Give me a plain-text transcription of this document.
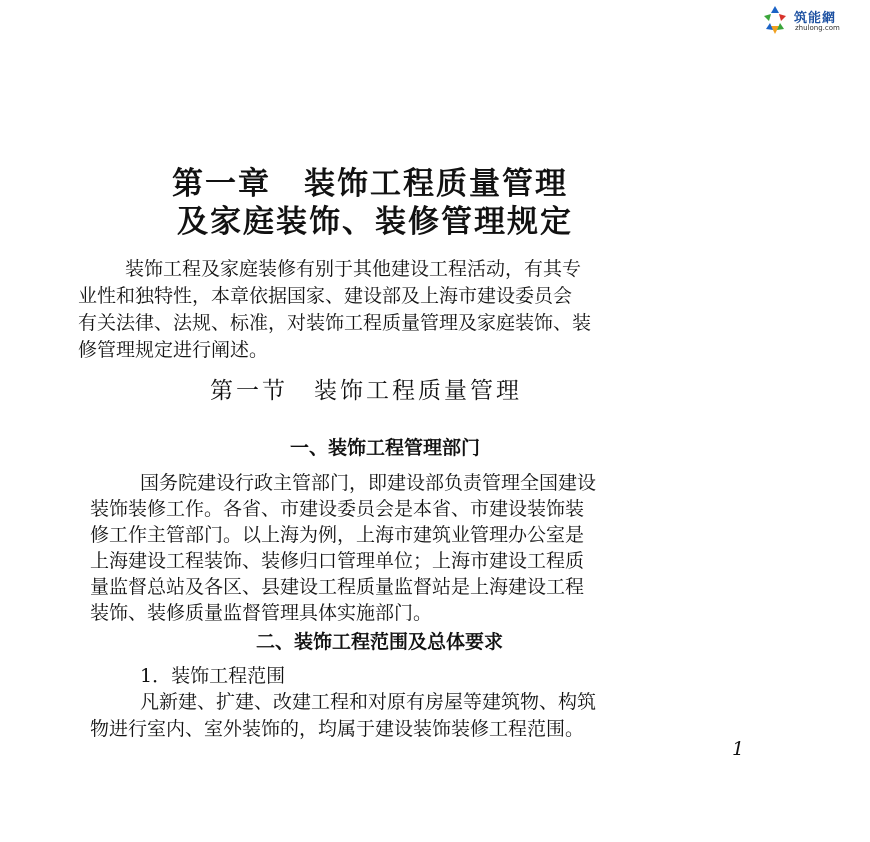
筑能網
zhulong.com
第一章　装饰工程质量管理
及家庭装饰、装修管理规定
装饰工程及家庭装修有别于其他建设工程活动，有其专
业性和独特性，本章依据国家、建设部及上海市建设委员会
有关法律、法规、标准，对装饰工程质量管理及家庭装饰、装
修管理规定进行阐述。
第一节　装饰工程质量管理
一、装饰工程管理部门
国务院建设行政主管部门，即建设部负责管理全国建设
装饰装修工作。各省、市建设委员会是本省、市建设装饰装
修工作主管部门。以上海为例，上海市建筑业管理办公室是
上海建设工程装饰、装修归口管理单位；上海市建设工程质
量监督总站及各区、县建设工程质量监督站是上海建设工程
装饰、装修质量监督管理具体实施部门。
二、装饰工程范围及总体要求
1．装饰工程范围
凡新建、扩建、改建工程和对原有房屋等建筑物、构筑
物进行室内、室外装饰的，均属于建设装饰装修工程范围。
1
